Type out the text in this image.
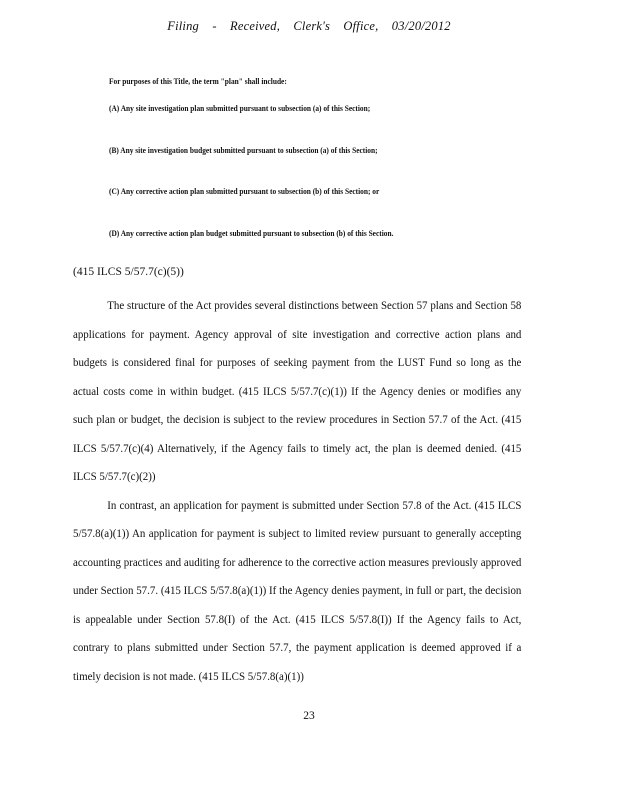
Filing - Received, Clerk's Office, 03/20/2012

For purposes of this Title, the term "plan" shall include:

(A) Any site investigation plan submitted pursuant to subsection (a) of this Section;

(B) Any site investigation budget submitted pursuant to subsection (a) of this Section;

(C) Any corrective action plan submitted pursuant to subsection (b) of this Section; or

(D) Any corrective action plan budget submitted pursuant to subsection (b) of this Section.

(415 ILCS 5/57.7(c)(5))

The structure of the Act provides several distinctions between Section 57 plans and Section 58 applications for payment. Agency approval of site investigation and corrective action plans and budgets is considered final for purposes of seeking payment from the LUST Fund so long as the actual costs come in within budget. (415 ILCS 5/57.7(c)(1)) If the Agency denies or modifies any such plan or budget, the decision is subject to the review procedures in Section 57.7 of the Act. (415 ILCS 5/57.7(c)(4) Alternatively, if the Agency fails to timely act, the plan is deemed denied. (415 ILCS 5/57.7(c)(2))

In contrast, an application for payment is submitted under Section 57.8 of the Act. (415 ILCS 5/57.8(a)(1)) An application for payment is subject to limited review pursuant to generally accepting accounting practices and auditing for adherence to the corrective action measures previously approved under Section 57.7. (415 ILCS 5/57.8(a)(1)) If the Agency denies payment, in full or part, the decision is appealable under Section 57.8(I) of the Act. (415 ILCS 5/57.8(I)) If the Agency fails to Act, contrary to plans submitted under Section 57.7, the payment application is deemed approved if a timely decision is not made. (415 ILCS 5/57.8(a)(1))

23
